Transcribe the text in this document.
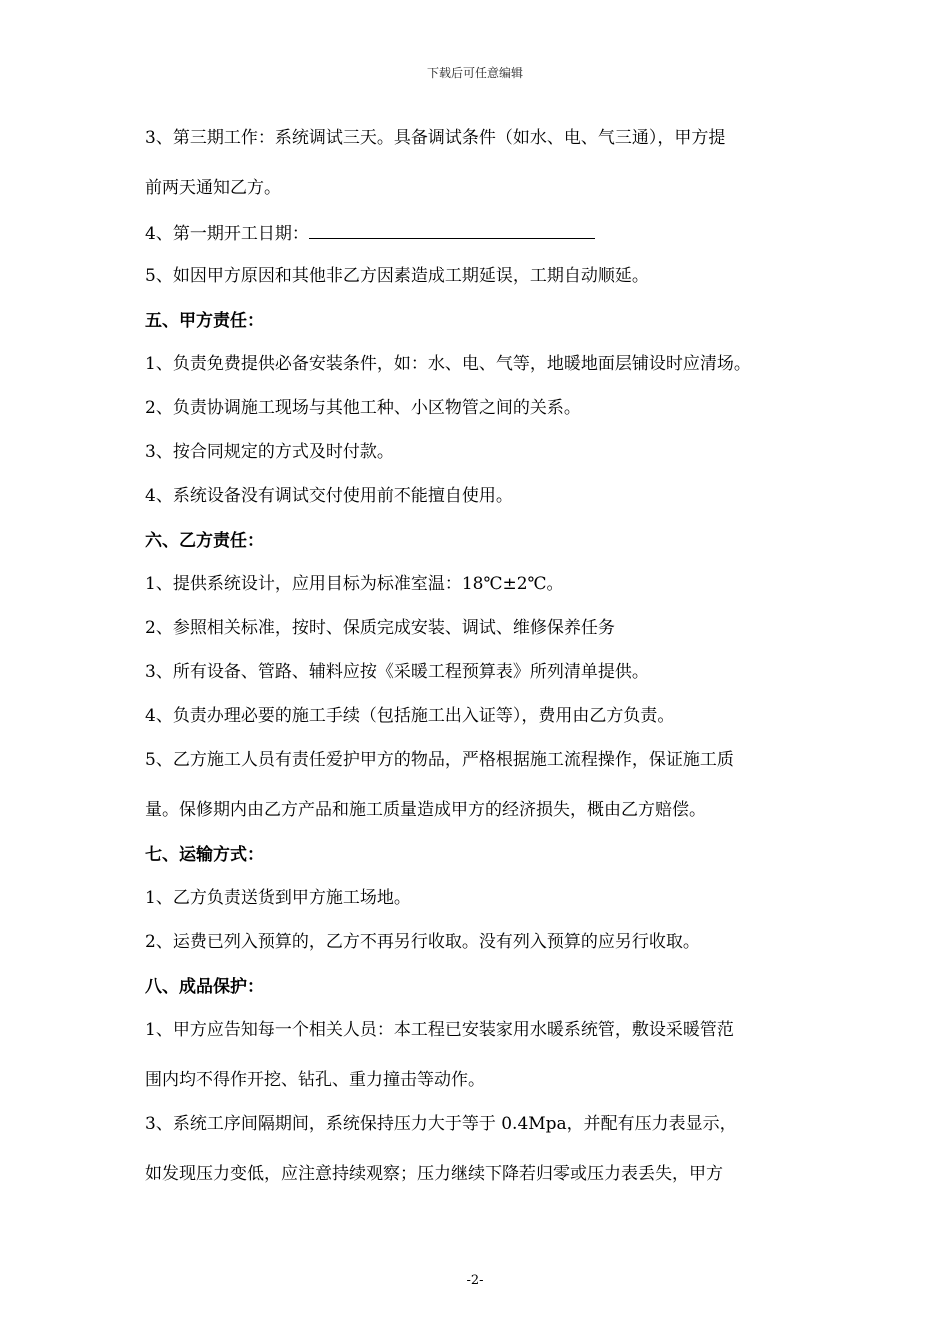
下载后可任意编辑
3、第三期工作：系统调试三天。具备调试条件（如水、电、气三通），甲方提
前两天通知乙方。
4、第一期开工日期：
5、如因甲方原因和其他非乙方因素造成工期延误，工期自动顺延。
五、甲方责任：
1、负责免费提供必备安装条件，如：水、电、气等，地暖地面层铺设时应清场。
2、负责协调施工现场与其他工种、小区物管之间的关系。
3、按合同规定的方式及时付款。
4、系统设备没有调试交付使用前不能擅自使用。
六、乙方责任：
1、提供系统设计，应用目标为标准室温：18℃±2℃。
2、参照相关标准，按时、保质完成安装、调试、维修保养任务
3、所有设备、管路、辅料应按《采暖工程预算表》所列清单提供。
4、负责办理必要的施工手续（包括施工出入证等），费用由乙方负责。
5、乙方施工人员有责任爱护甲方的物品，严格根据施工流程操作，保证施工质
量。保修期内由乙方产品和施工质量造成甲方的经济损失，概由乙方赔偿。
七、运输方式：
1、乙方负责送货到甲方施工场地。
2、运费已列入预算的，乙方不再另行收取。没有列入预算的应另行收取。
八、成品保护：
1、甲方应告知每一个相关人员：本工程已安装家用水暖系统管，敷设采暖管范
围内均不得作开挖、钻孔、重力撞击等动作。
3、系统工序间隔期间，系统保持压力大于等于 0.4Mpa，并配有压力表显示，
如发现压力变低，应注意持续观察；压力继续下降若归零或压力表丢失，甲方
-2-
